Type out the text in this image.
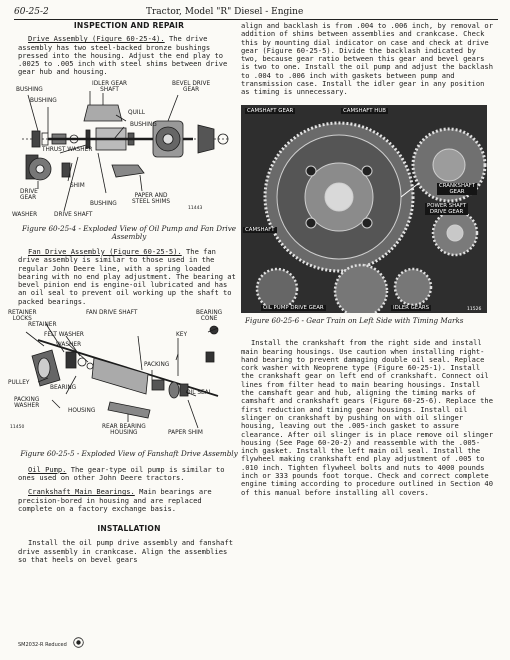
60-25-2	Tractor, Model "R" Diesel - Engine
INSPECTION AND REPAIR

Drive Assembly (Figure 60-25-4). The drive assembly has two steel-backed bronze bushings pressed into the housing. Adjust the end play to .0025 to .005 inch with steel shims between drive gear hub and housing.

BUSHING
BUSHING
IDLER GEAR
SHAFT
BEVEL DRIVE
GEAR
QUILL
BUSHING
THRUST WASHER
DRIVE
GEAR
SHIM
BUSHING
PAPER AND
STEEL SHIMS
WASHER	DRIVE SHAFT
11443
Figure 60-25-4 - Exploded View of Oil Pump and Fan Drive Assembly

Fan Drive Assembly (Figure 60-25-5). The fan drive assembly is similar to those used in the regular John Deere line, with a spring loaded bearing with no end play adjustment. The bearing at bevel pinion end is engine-oil lubricated and has an oil seal to prevent oil working up the shaft to packed bearings.

RETAINER
LOCKS
FAN DRIVE SHAFT	BEARING
CONE
RETAINER
FELT WASHER	KEY
WASHER
PACKING
PULLEY
BEARING
OIL SEAL
PACKING
WASHER
HOUSING
REAR BEARING
HOUSING	PAPER SHIM
11450
Figure 60-25-5 - Exploded View of Fanshaft Drive Assembly

Oil Pump. The gear-type oil pump is similar to ones used on other John Deere tractors.

Crankshaft Main Bearings. Main bearings are precision-bored in housing and are replaced complete on a factory exchange basis.

INSTALLATION

Install the oil pump drive assembly and fanshaft drive assembly in crankcase. Align the assemblies so that heels on bevel gears

align and backlash is from .004 to .006 inch, by removal or addition of shims between assemblies and crankcase. Check this by mounting dial indicator on case and check at drive gear (Figure 60-25-5). Divide the backlash indicated by two, because gear ratio between this gear and bevel gears is two to one. Install the oil pump and adjust the backlash to .004 to .006 inch with gaskets between pump and transmission case. Install the idler gear in any position as timing is unnecessary.

CAMSHAFT GEAR	CAMSHAFT HUB
CRANKSHAFT
GEAR
POWER SHAFT
DRIVE GEAR
CAMSHAFT
OIL PUMP DRIVE GEAR	IDLER GEARS	11526
Figure 60-25-6 - Gear Train on Left Side with Timing Marks

Install the crankshaft from the right side and install main bearing housings. Use caution when installing right-hand bearing to prevent damaging double oil seal. Replace cork washer with Neoprene type (Figure 60-25-1). Install the crankshaft gear on left end of crankshaft. Connect oil lines from filter head to main bearing housings. Install the camshaft gear and hub, aligning the timing marks of camshaft and crankshaft gears (Figure 60-25-6). Replace the first reduction and timing gear housings. Install oil slinger on crankshaft by pushing on with oil slinger housing, leaving out the .005-inch gasket to assure clearance. After oil slinger is in place remove oil slinger housing (See Page 60-20-2) and reassemble with the .005-inch gasket. Install the left main oil seal. Install the flywheel making crankshaft end play adjustment of .005 to .010 inch. Tighten flywheel bolts and nuts to 4000 pounds inch or 333 pounds foot torque. Check and correct complete engine timing according to procedure outlined in Section 40 of this manual before installing all covers.

SM2032-R Reduced
